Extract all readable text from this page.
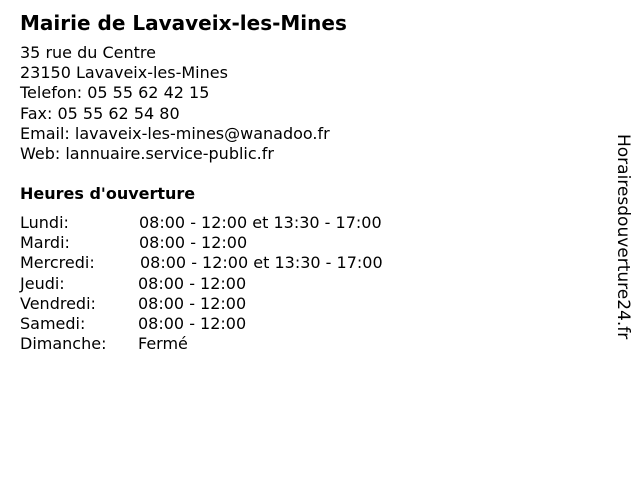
Mairie de Lavaveix-les-Mines
35 rue du Centre
23150 Lavaveix-les-Mines
Telefon: 05 55 62 42 15
Fax: 05 55 62 54 80
Email: lavaveix-les-mines@wanadoo.fr
Web: lannuaire.service-public.fr
Heures d'ouverture
Lundi:	08:00 - 12:00 et 13:30 - 17:00
Mardi:	08:00 - 12:00
Mercredi:	08:00 - 12:00 et 13:30 - 17:00
Jeudi:	08:00 - 12:00
Vendredi:	08:00 - 12:00
Samedi:	08:00 - 12:00
Dimanche: Fermé
Horairesdouverture24.fr
